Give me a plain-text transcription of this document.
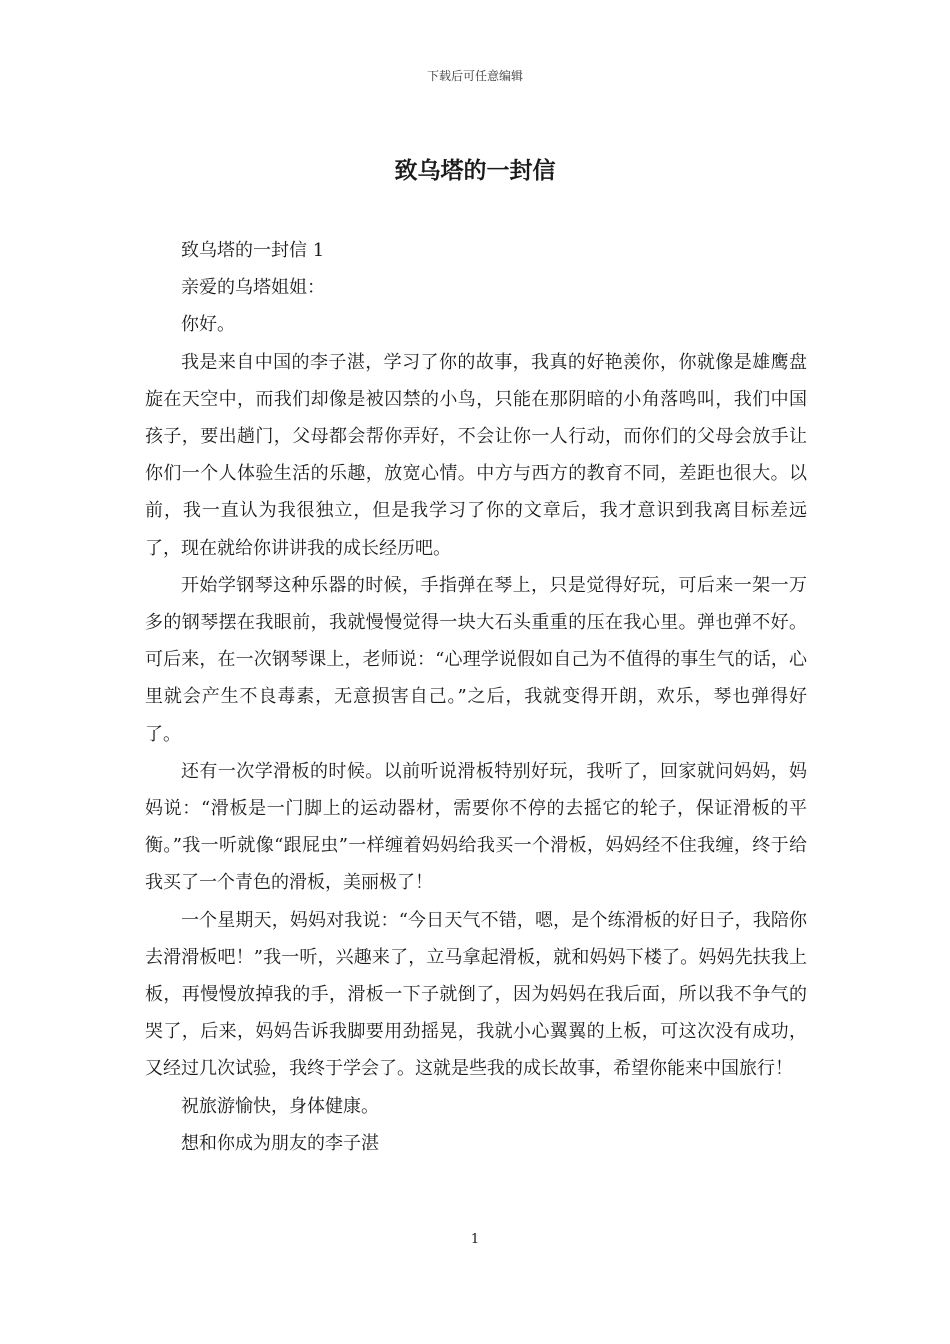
下载后可任意编辑
致乌塔的一封信

致乌塔的一封信 1

亲爱的乌塔姐姐：

你好。

我是来自中国的李子湛，学习了你的故事，我真的好艳羡你，你就像是雄鹰盘旋在天空中，而我们却像是被囚禁的小鸟，只能在那阴暗的小角落鸣叫，我们中国孩子，要出趟门，父母都会帮你弄好，不会让你一人行动，而你们的父母会放手让你们一个人体验生活的乐趣，放宽心情。中方与西方的教育不同，差距也很大。以前，我一直认为我很独立，但是我学习了你的文章后，我才意识到我离目标差远了，现在就给你讲讲我的成长经历吧。

开始学钢琴这种乐器的时候，手指弹在琴上，只是觉得好玩，可后来一架一万多的钢琴摆在我眼前，我就慢慢觉得一块大石头重重的压在我心里。弹也弹不好。可后来，在一次钢琴课上，老师说：“心理学说假如自己为不值得的事生气的话，心里就会产生不良毒素，无意损害自己。”之后，我就变得开朗，欢乐，琴也弹得好了。

还有一次学滑板的时候。以前听说滑板特别好玩，我听了，回家就问妈妈，妈妈说：“滑板是一门脚上的运动器材，需要你不停的去摇它的轮子，保证滑板的平衡。”我一听就像“跟屁虫”一样缠着妈妈给我买一个滑板，妈妈经不住我缠，终于给我买了一个青色的滑板，美丽极了！

一个星期天，妈妈对我说：“今日天气不错，嗯，是个练滑板的好日子，我陪你去滑滑板吧！”我一听，兴趣来了，立马拿起滑板，就和妈妈下楼了。妈妈先扶我上板，再慢慢放掉我的手，滑板一下子就倒了，因为妈妈在我后面，所以我不争气的哭了，后来，妈妈告诉我脚要用劲摇晃，我就小心翼翼的上板，可这次没有成功，又经过几次试验，我终于学会了。这就是些我的成长故事，希望你能来中国旅行！

祝旅游愉快，身体健康。

想和你成为朋友的李子湛

1
